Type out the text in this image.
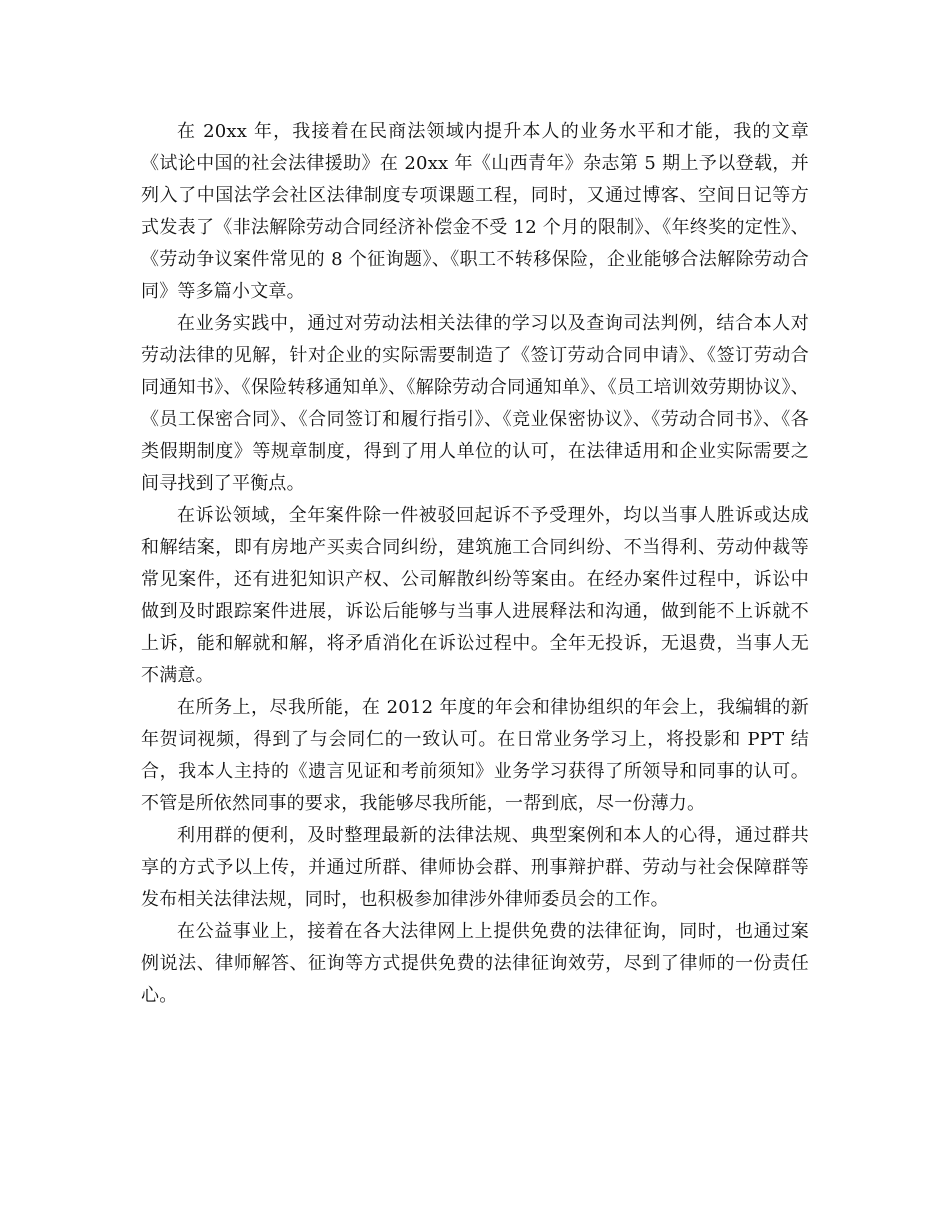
在 20xx 年，我接着在民商法领域内提升本人的业务水平和才能，我的文章《试论中国的社会法律援助》在 20xx 年《山西青年》杂志第 5 期上予以登载，并列入了中国法学会社区法律制度专项课题工程，同时，又通过博客、空间日记等方式发表了《非法解除劳动合同经济补偿金不受 12 个月的限制》、《年终奖的定性》、《劳动争议案件常见的 8 个征询题》、《职工不转移保险，企业能够合法解除劳动合同》等多篇小文章。

在业务实践中，通过对劳动法相关法律的学习以及查询司法判例，结合本人对劳动法律的见解，针对企业的实际需要制造了《签订劳动合同申请》、《签订劳动合同通知书》、《保险转移通知单》、《解除劳动合同通知单》、《员工培训效劳期协议》、《员工保密合同》、《合同签订和履行指引》、《竞业保密协议》、《劳动合同书》、《各类假期制度》等规章制度，得到了用人单位的认可，在法律适用和企业实际需要之间寻找到了平衡点。

在诉讼领域，全年案件除一件被驳回起诉不予受理外，均以当事人胜诉或达成和解结案，即有房地产买卖合同纠纷，建筑施工合同纠纷、不当得利、劳动仲裁等常见案件，还有进犯知识产权、公司解散纠纷等案由。在经办案件过程中，诉讼中做到及时跟踪案件进展，诉讼后能够与当事人进展释法和沟通，做到能不上诉就不上诉，能和解就和解，将矛盾消化在诉讼过程中。全年无投诉，无退费，当事人无不满意。

在所务上，尽我所能，在 2012 年度的年会和律协组织的年会上，我编辑的新年贺词视频，得到了与会同仁的一致认可。在日常业务学习上，将投影和 PPT 结合，我本人主持的《遗言见证和考前须知》业务学习获得了所领导和同事的认可。不管是所依然同事的要求，我能够尽我所能，一帮到底，尽一份薄力。

利用群的便利，及时整理最新的法律法规、典型案例和本人的心得，通过群共享的方式予以上传，并通过所群、律师协会群、刑事辩护群、劳动与社会保障群等发布相关法律法规，同时，也积极参加律涉外律师委员会的工作。

在公益事业上，接着在各大法律网上上提供免费的法律征询，同时，也通过案例说法、律师解答、征询等方式提供免费的法律征询效劳，尽到了律师的一份责任心。
